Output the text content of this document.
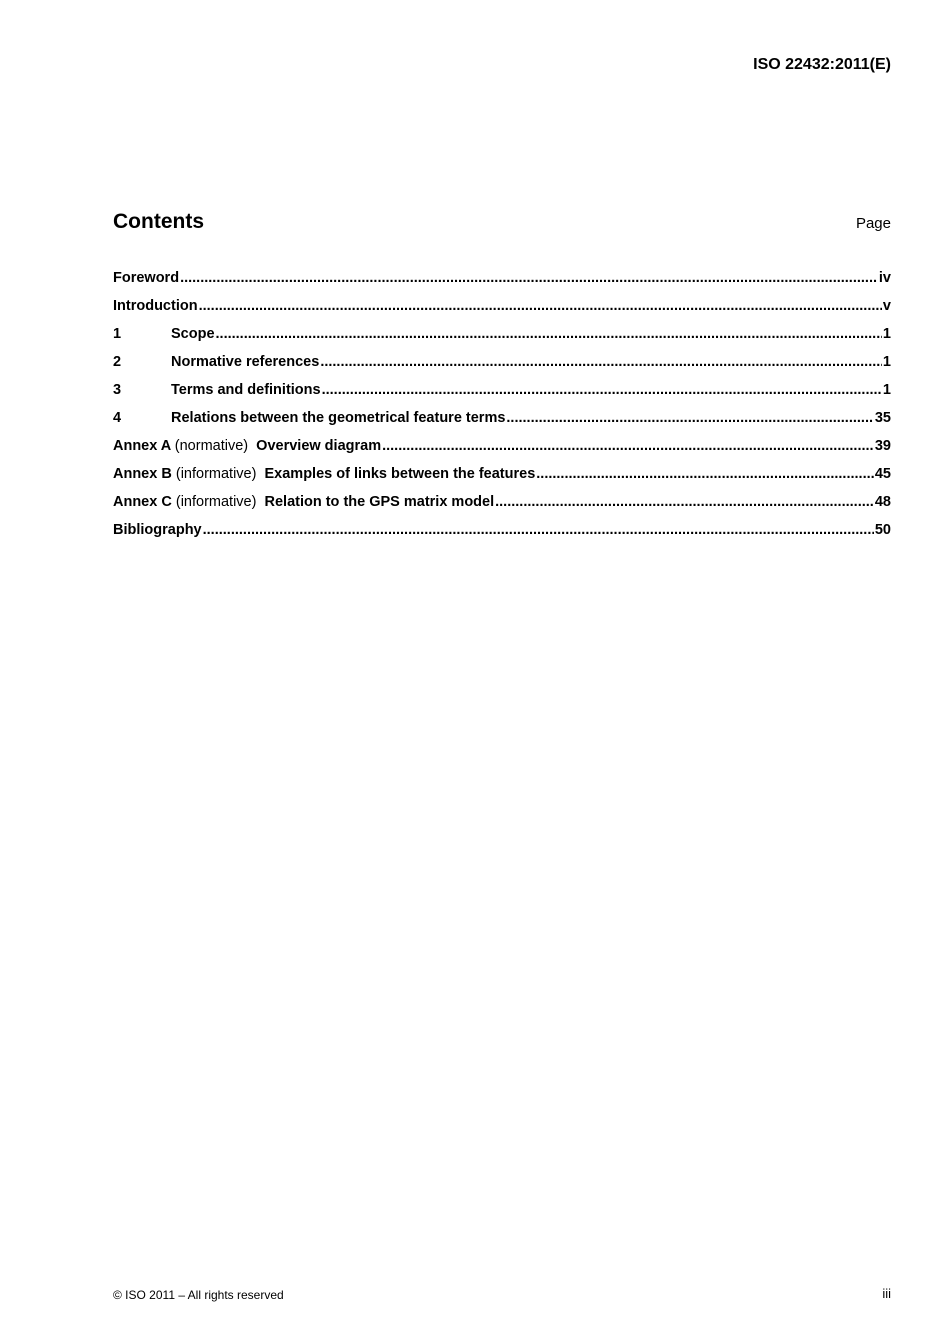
ISO 22432:2011(E)
Contents	Page
Foreword .....	iv
Introduction .....	v
1	Scope .....	1
2	Normative references .....	1
3	Terms and definitions .....	1
4	Relations between the geometrical feature terms .....	35
Annex A (normative) Overview diagram .....	39
Annex B (informative) Examples of links between the features .....	45
Annex C (informative) Relation to the GPS matrix model .....	48
Bibliography .....	50
© ISO 2011 – All rights reserved	iii
